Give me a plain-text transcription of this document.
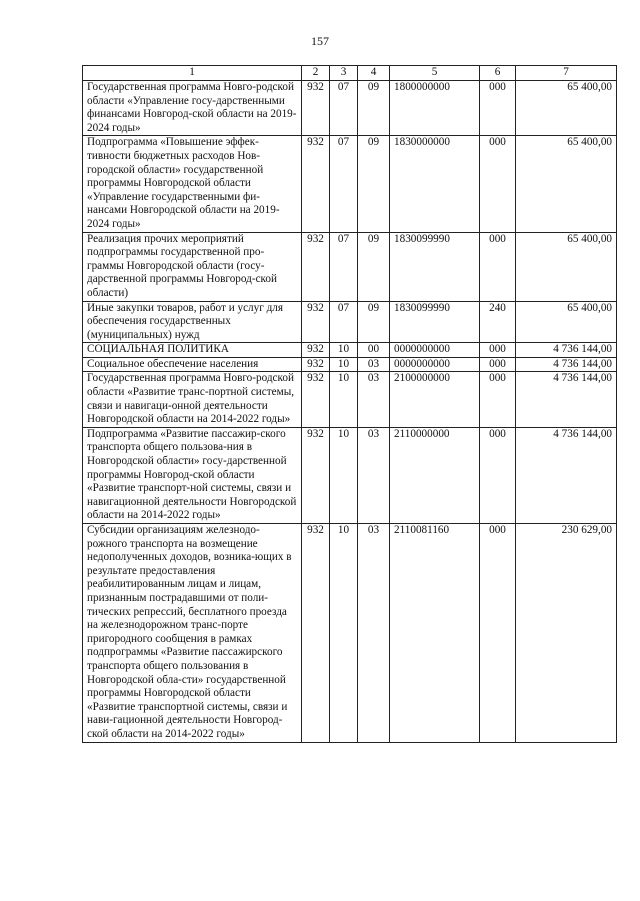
157
1	2	3	4	5	6	7
Государственная программа Новго-родской области «Управление госу-дарственными финансами Новгород-ской области на 2019-2024 годы»	932	07	09	1800000000	000	65 400,00
Подпрограмма «Повышение эффек-тивности бюджетных расходов Нов-городской области» государственной программы Новгородской области «Управление государственными фи-нансами Новгородской области на 2019-2024 годы»	932	07	09	1830000000	000	65 400,00
Реализация прочих мероприятий подпрограммы государственной про-граммы Новгородской области (госу-дарственной программы Новгород-ской области)	932	07	09	1830099990	000	65 400,00
Иные закупки товаров, работ и услуг для обеспечения государственных (муниципальных) нужд	932	07	09	1830099990	240	65 400,00
СОЦИАЛЬНАЯ ПОЛИТИКА	932	10	00	0000000000	000	4 736 144,00
Социальное обеспечение населения	932	10	03	0000000000	000	4 736 144,00
Государственная программа Новго-родской области «Развитие транс-портной системы, связи и навигаци-онной деятельности Новгородской области на 2014-2022 годы»	932	10	03	2100000000	000	4 736 144,00
Подпрограмма «Развитие пассажир-ского транспорта общего пользова-ния в Новгородской области» госу-дарственной программы Новгород-ской области «Развитие транспорт-ной системы, связи и навигационной деятельности Новгородской области на 2014-2022 годы»	932	10	03	2110000000	000	4 736 144,00
Субсидии организациям железнодо-рожного транспорта на возмещение недополученных доходов, возника-ющих в результате предоставления реабилитированным лицам и лицам, признанным пострадавшими от поли-тических репрессий, бесплатного проезда на железнодорожном транс-порте пригородного сообщения в рамках подпрограммы «Развитие пассажирского транспорта общего пользования в Новгородской обла-сти» государственной программы Новгородской области «Развитие транспортной системы, связи и нави-гационной деятельности Новгород-ской области на 2014-2022 годы»	932	10	03	2110081160	000	230 629,00
